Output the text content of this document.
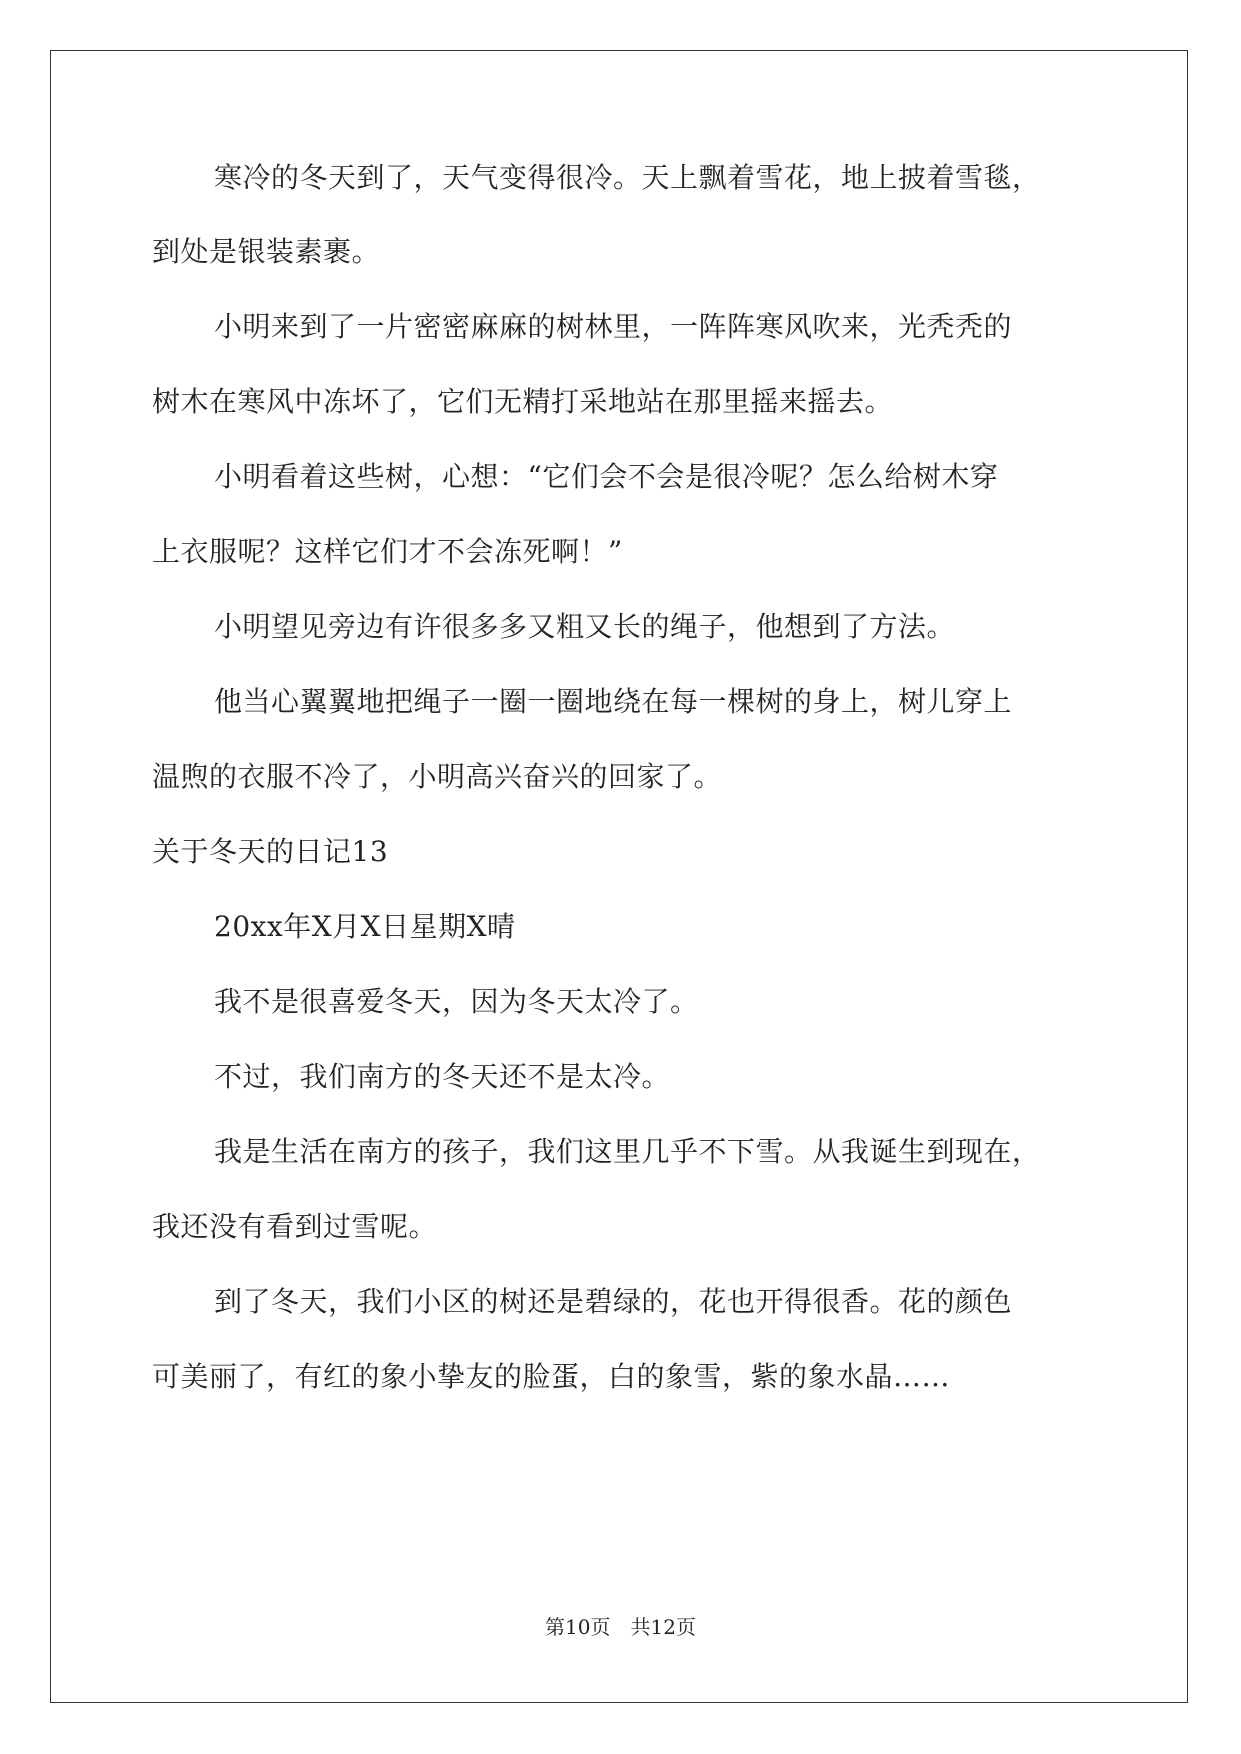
寒冷的冬天到了，天气变得很冷。天上飘着雪花，地上披着雪毯，
到处是银装素裹。
小明来到了一片密密麻麻的树林里，一阵阵寒风吹来，光秃秃的
树木在寒风中冻坏了，它们无精打采地站在那里摇来摇去。
小明看着这些树，心想：“它们会不会是很冷呢？怎么给树木穿
上衣服呢？这样它们才不会冻死啊！”
小明望见旁边有许很多多又粗又长的绳子，他想到了方法。
他当心翼翼地把绳子一圈一圈地绕在每一棵树的身上，树儿穿上
温煦的衣服不冷了，小明高兴奋兴的回家了。
关于冬天的日记13
20xx年X月X日星期X晴
我不是很喜爱冬天，因为冬天太冷了。
不过，我们南方的冬天还不是太冷。
我是生活在南方的孩子，我们这里几乎不下雪。从我诞生到现在，
我还没有看到过雪呢。
到了冬天，我们小区的树还是碧绿的，花也开得很香。花的颜色
可美丽了，有红的象小挚友的脸蛋，白的象雪，紫的象水晶……
第10页　共12页
